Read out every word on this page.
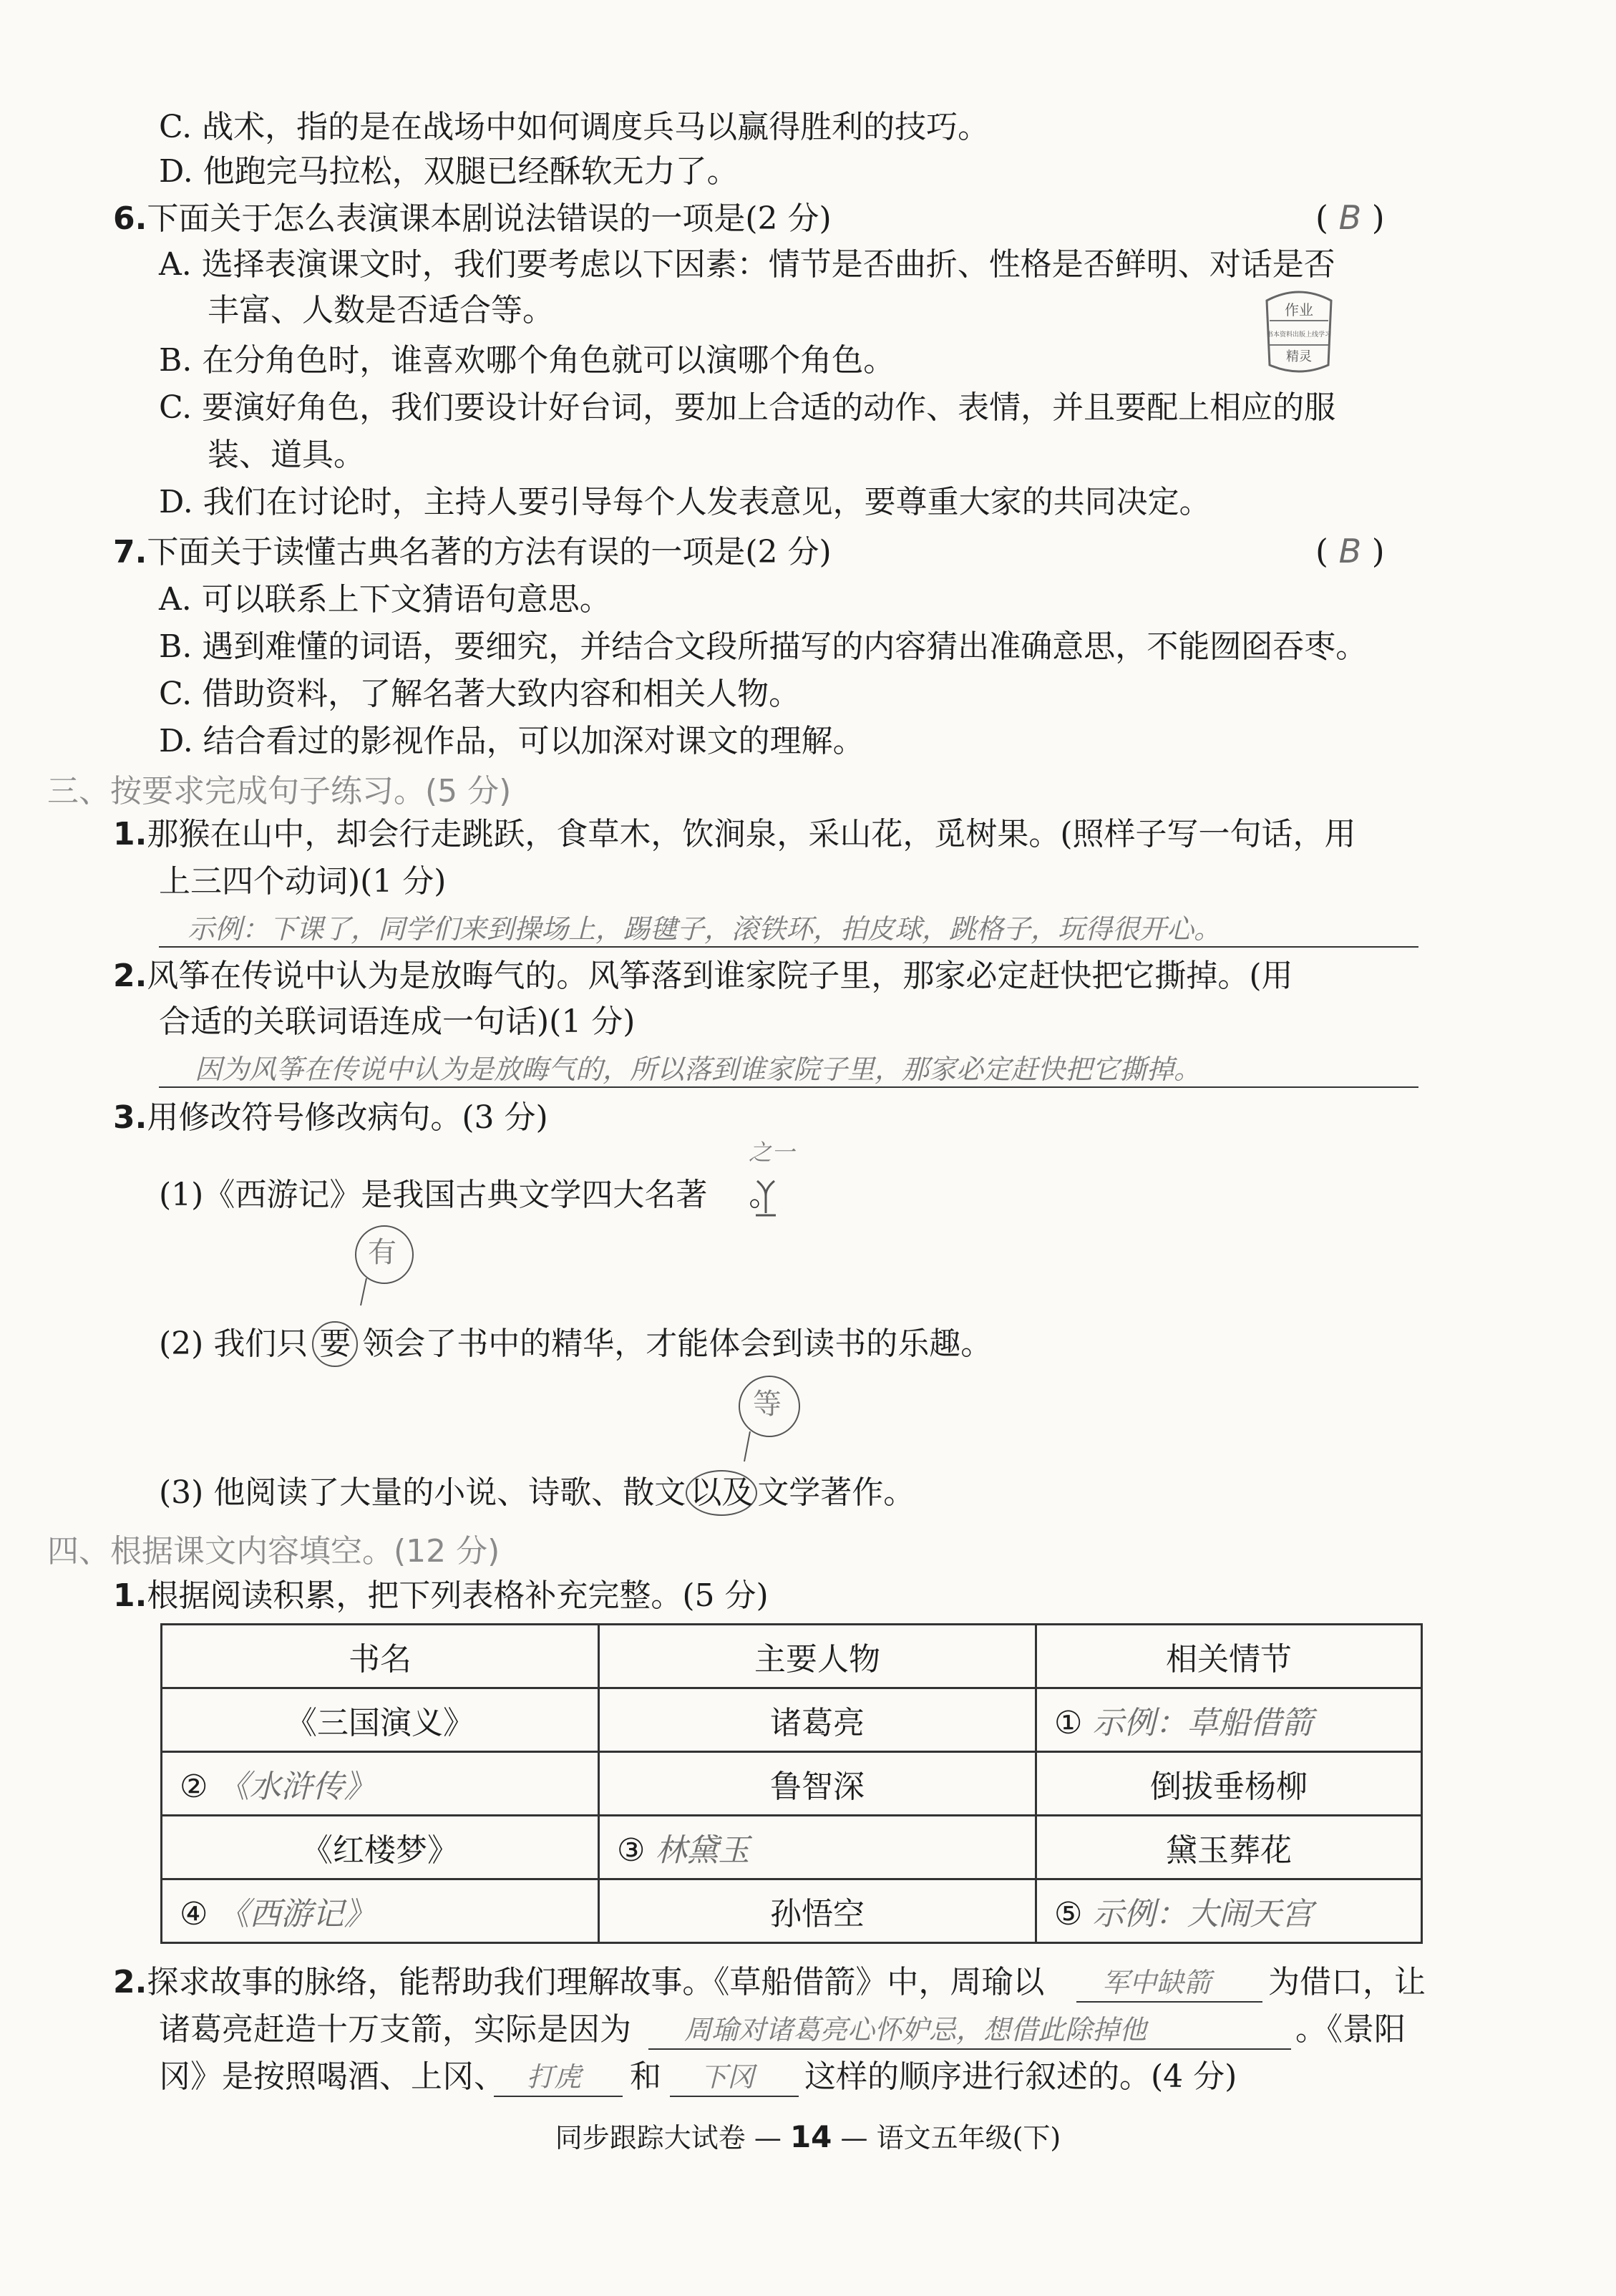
C. 战术，指的是在战场中如何调度兵马以赢得胜利的技巧。
D. 他跑完马拉松，双腿已经酥软无力了。
6.下面关于怎么表演课本剧说法错误的一项是(2 分)	( B )
A. 选择表演课文时，我们要考虑以下因素：情节是否曲折、性格是否鲜明、对话是否
丰富、人数是否适合等。
B. 在分角色时，谁喜欢哪个角色就可以演哪个角色。
C. 要演好角色，我们要设计好台词，要加上合适的动作、表情，并且要配上相应的服
装、道具。
D. 我们在讨论时，主持人要引导每个人发表意见，要尊重大家的共同决定。
作业
书本资料出版上线学习
精灵
7.下面关于读懂古典名著的方法有误的一项是(2 分)	( B )
A. 可以联系上下文猜语句意思。
B. 遇到难懂的词语，要细究，并结合文段所描写的内容猜出准确意思，不能囫囵吞枣。
C. 借助资料，了解名著大致内容和相关人物。
D. 结合看过的影视作品，可以加深对课文的理解。
三、按要求完成句子练习。(5 分)
1.那猴在山中，却会行走跳跃，食草木，饮涧泉，采山花，觅树果。(照样子写一句话，用
上三四个动词)(1 分)
示例：下课了，同学们来到操场上，踢毽子，滚铁环，拍皮球，跳格子，玩得很开心。
2.风筝在传说中认为是放晦气的。风筝落到谁家院子里，那家必定赶快把它撕掉。(用
合适的关联词语连成一句话)(1 分)
因为风筝在传说中认为是放晦气的，所以落到谁家院子里，那家必定赶快把它撕掉。
3.用修改符号修改病句。(3 分)
(1)《西游记》是我国古典文学四大名著 。
之一
有
(2) 我们只 要 领会了书中的精华，才能体会到读书的乐趣。
等
(3) 他阅读了大量的小说、诗歌、散文 以及 文学著作。
四、根据课文内容填空。(12 分)
1.根据阅读积累，把下列表格补充完整。(5 分)
书名	主要人物	相关情节
《三国演义》	诸葛亮	① 示例：草船借箭
② 《水浒传》	鲁智深	倒拔垂杨柳
《红楼梦》	③ 林黛玉	黛玉葬花
④ 《西游记》	孙悟空	⑤ 示例：大闹天宫
2.探求故事的脉络，能帮助我们理解故事。《草船借箭》中，周瑜以 军中缺箭 为借口，让
诸葛亮赶造十万支箭，实际是因为 周瑜对诸葛亮心怀妒忌，想借此除掉他	。《景阳
冈》是按照喝酒、上冈、 打虎 和 下冈 这样的顺序进行叙述的。(4 分)
同步跟踪大试卷 — 14 — 语文五年级(下)
